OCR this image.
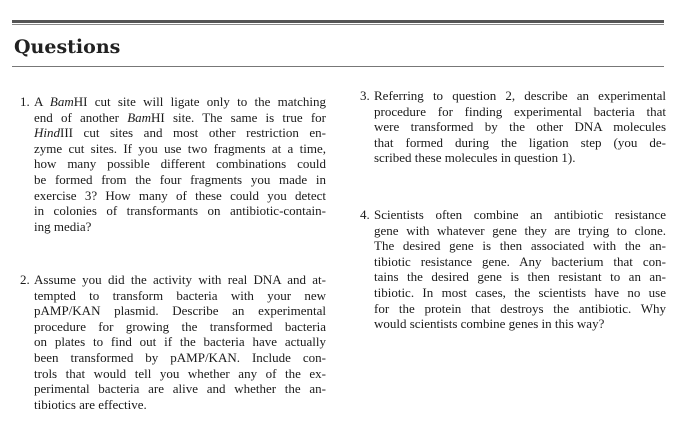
Questions
1. A BamHI cut site will ligate only to the matching
end of another BamHI site. The same is true for
HindIII cut sites and most other restriction en-
zyme cut sites. If you use two fragments at a time,
how many possible different combinations could
be formed from the four fragments you made in
exercise 3? How many of these could you detect
in colonies of transformants on antibiotic-contain-
ing media?
2. Assume you did the activity with real DNA and at-
tempted to transform bacteria with your new
pAMP/KAN plasmid. Describe an experimental
procedure for growing the transformed bacteria
on plates to find out if the bacteria have actually
been transformed by pAMP/KAN. Include con-
trols that would tell you whether any of the ex-
perimental bacteria are alive and whether the an-
tibiotics are effective.
3. Referring to question 2, describe an experimental
procedure for finding experimental bacteria that
were transformed by the other DNA molecules
that formed during the ligation step (you de-
scribed these molecules in question 1).
4. Scientists often combine an antibiotic resistance
gene with whatever gene they are trying to clone.
The desired gene is then associated with the an-
tibiotic resistance gene. Any bacterium that con-
tains the desired gene is then resistant to an an-
tibiotic. In most cases, the scientists have no use
for the protein that destroys the antibiotic. Why
would scientists combine genes in this way?
